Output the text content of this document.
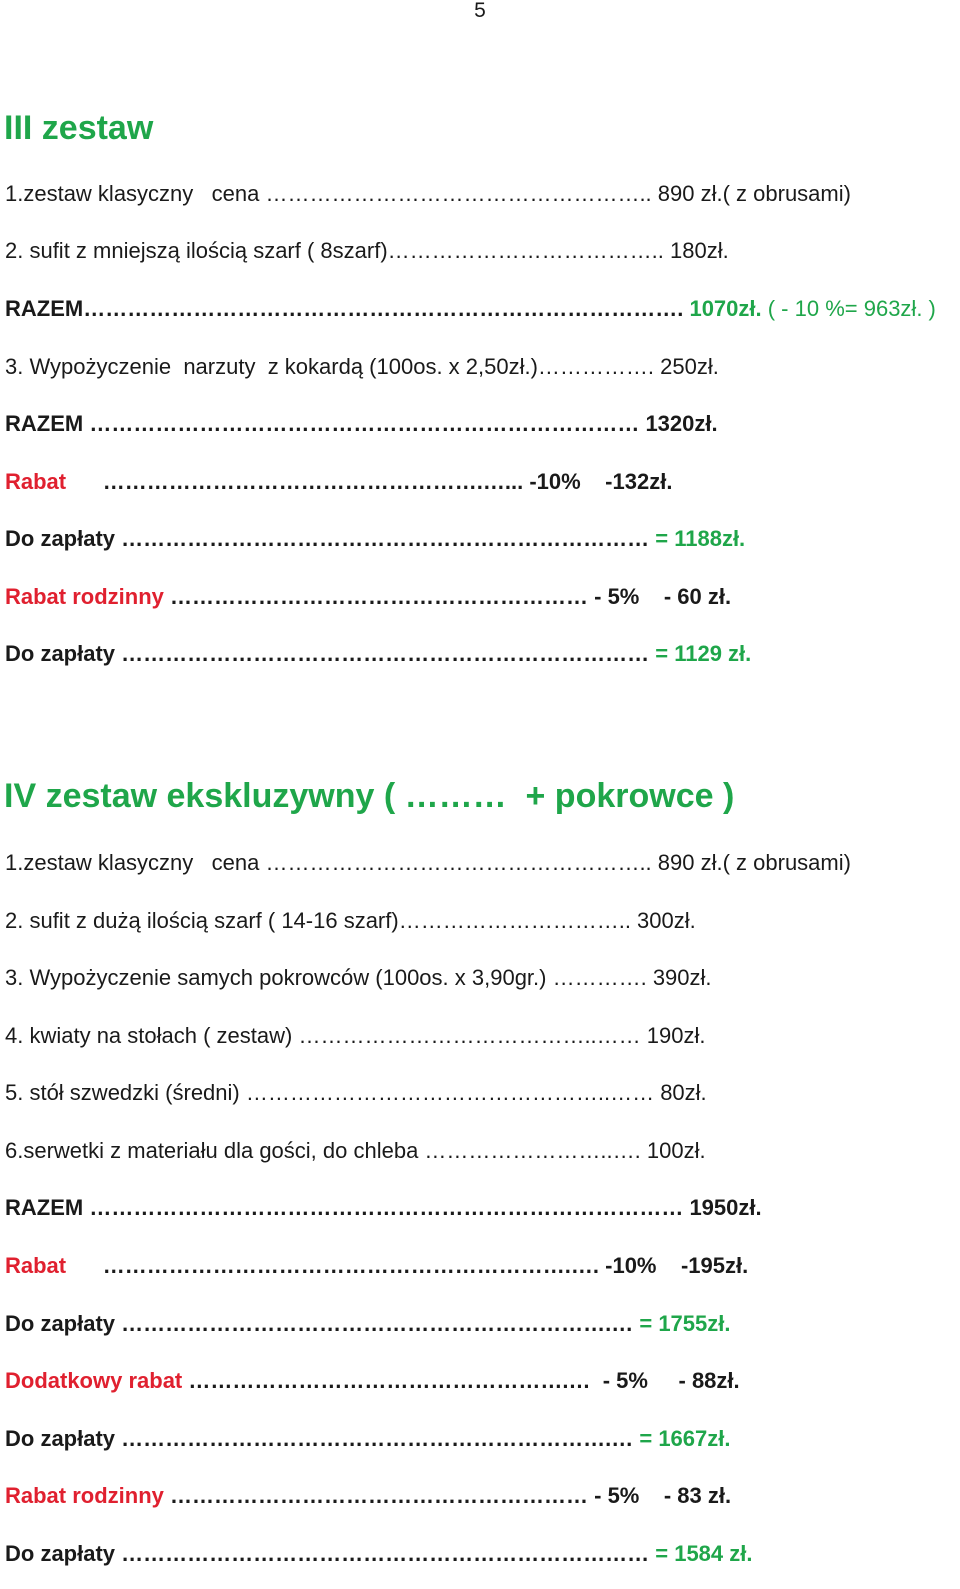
5
III zestaw
1.zestaw klasyczny   cena …………………………………………….. 890 zł.( z obrusami)
2. sufit z mniejszą ilością szarf ( 8szarf)……………………………….. 180zł.
RAZEM………………………………………………………………………. 1070zł. ( - 10 %= 963zł. )
3. Wypożyczenie  narzuty  z kokardą (100os. x 2,50zł.)……………. 250zł.
RAZEM ………………………………………………………………… 1320zł.
Rabat      …………………………………………….…... -10%    -132zł.
Do zapłaty ……………………………………………………………… = 1188zł.
Rabat rodzinny ………………………………………………… - 5%    - 60 zł.
Do zapłaty ……………………………………………………………… = 1129 zł.
IV zestaw ekskluzywny ( ………  + pokrowce )
1.zestaw klasyczny   cena …………………………………………….. 890 zł.( z obrusami)
2. sufit z dużą ilością szarf ( 14-16 szarf)………………………….. 300zł.
3. Wypożyczenie samych pokrowców (100os. x 3,90gr.) …………. 390zł.
4. kwiaty na stołach ( zestaw) …………………………………..…… 190zł.
5. stół szwedzki (średni) …………………………………………..…… 80zł.
6.serwetki z materiału dla gości, do chleba ……………………..…. 100zł.
RAZEM ……………………………………………………………………… 1950zł.
Rabat      ……………………………………………………….…. -10%    -195zł.
Do zapłaty ………………………………………………………….… = 1755zł.
Dodatkowy rabat …………………………………………….…  - 5%     - 88zł.
Do zapłaty ………………………………………………………….… = 1667zł.
Rabat rodzinny ………………………………………………… - 5%    - 83 zł.
Do zapłaty ……………………………………………………………… = 1584 zł.
